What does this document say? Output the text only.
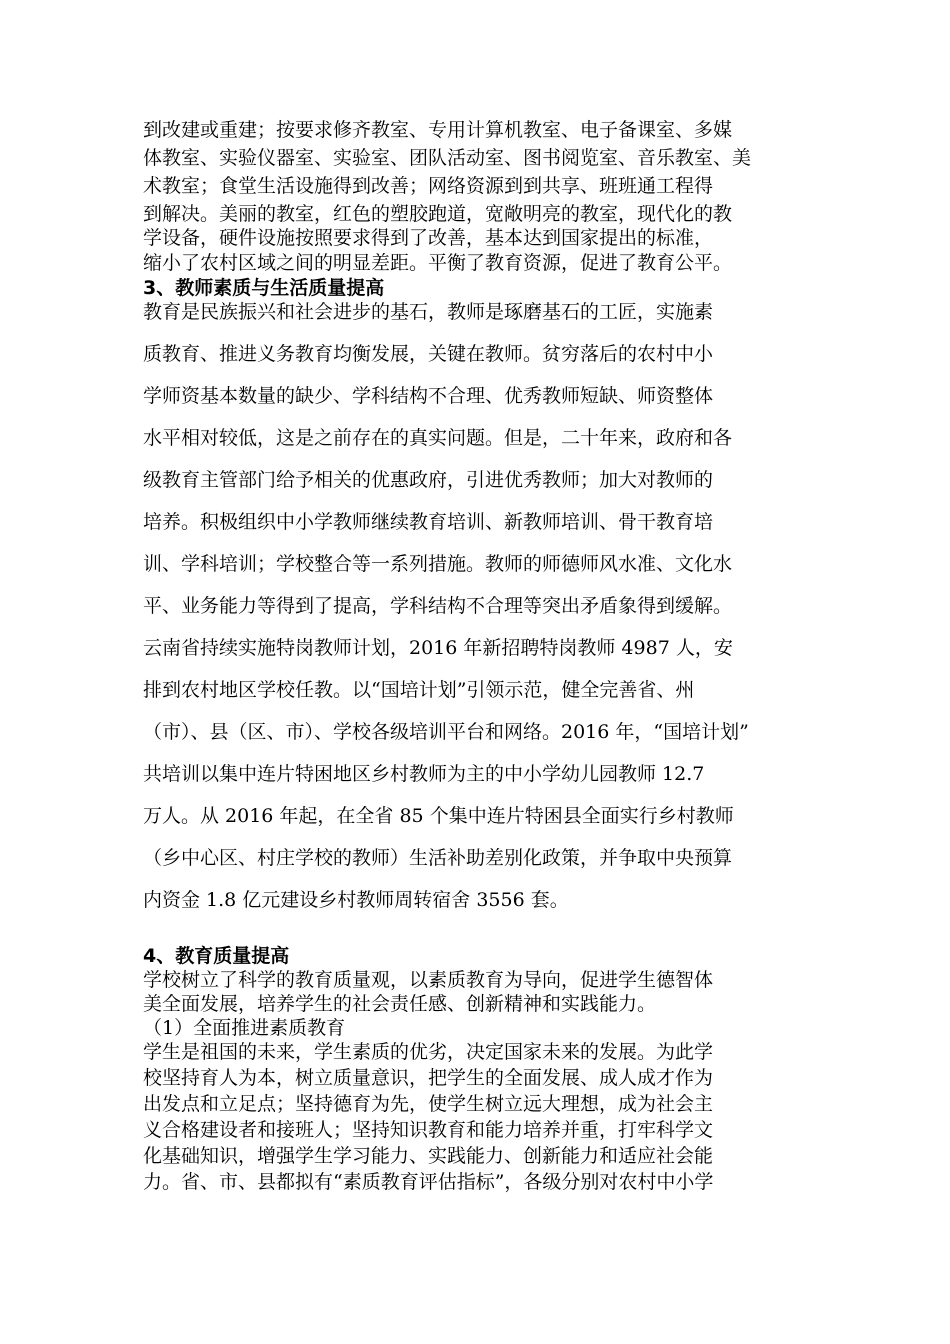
到改建或重建；按要求修齐教室、专用计算机教室、电子备课室、多媒
体教室、实验仪器室、实验室、团队活动室、图书阅览室、音乐教室、美
术教室；食堂生活设施得到改善；网络资源到到共享、班班通工程得
到解决。美丽的教室，红色的塑胶跑道，宽敞明亮的教室，现代化的教
学设备，硬件设施按照要求得到了改善，基本达到国家提出的标准，
缩小了农村区域之间的明显差距。平衡了教育资源，促进了教育公平。
3、教师素质与生活质量提高
教育是民族振兴和社会进步的基石，教师是琢磨基石的工匠，实施素
质教育、推进义务教育均衡发展，关键在教师。贫穷落后的农村中小
学师资基本数量的缺少、学科结构不合理、优秀教师短缺、师资整体
水平相对较低，这是之前存在的真实问题。但是，二十年来，政府和各
级教育主管部门给予相关的优惠政府，引进优秀教师；加大对教师的
培养。积极组织中小学教师继续教育培训、新教师培训、骨干教育培
训、学科培训；学校整合等一系列措施。教师的师德师风水准、文化水
平、业务能力等得到了提高，学科结构不合理等突出矛盾象得到缓解。
云南省持续实施特岗教师计划，2016 年新招聘特岗教师 4987 人，安
排到农村地区学校任教。以“国培计划”引领示范，健全完善省、州
（市）、县（区、市）、学校各级培训平台和网络。2016 年，“国培计划”
共培训以集中连片特困地区乡村教师为主的中小学幼儿园教师 12.7
万人。从 2016 年起，在全省 85 个集中连片特困县全面实行乡村教师
（乡中心区、村庄学校的教师）生活补助差别化政策，并争取中央预算
内资金 1.8 亿元建设乡村教师周转宿舍 3556 套。
4、教育质量提高
学校树立了科学的教育质量观，以素质教育为导向，促进学生德智体
美全面发展，培养学生的社会责任感、创新精神和实践能力。
（1）全面推进素质教育
学生是祖国的未来，学生素质的优劣，决定国家未来的发展。为此学
校坚持育人为本，树立质量意识，把学生的全面发展、成人成才作为
出发点和立足点；坚持德育为先，使学生树立远大理想，成为社会主
义合格建设者和接班人；坚持知识教育和能力培养并重，打牢科学文
化基础知识，增强学生学习能力、实践能力、创新能力和适应社会能
力。省、市、县都拟有“素质教育评估指标”，各级分别对农村中小学
